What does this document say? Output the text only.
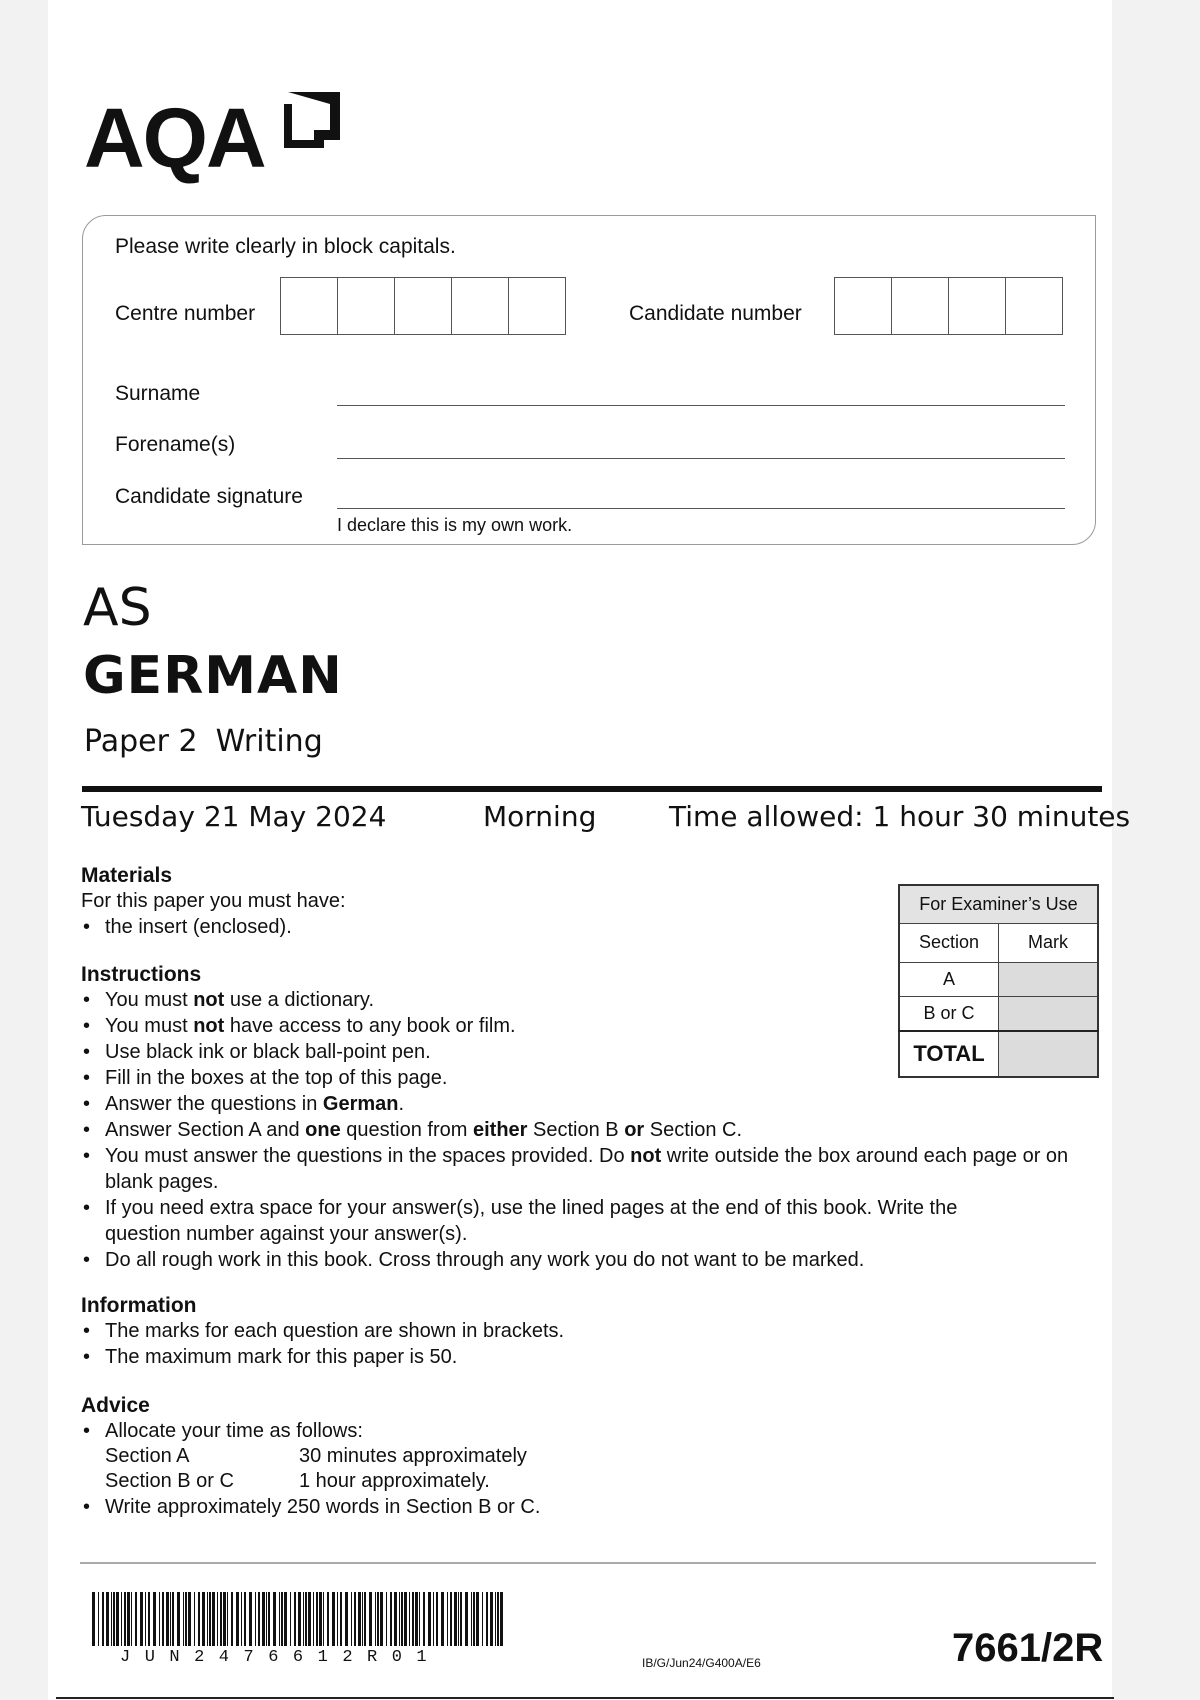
AQA
Please write clearly in block capitals.
Centre number	Candidate number
Surname
Forename(s)
Candidate signature
I declare this is my own work.
AS
GERMAN
Paper 2 Writing
Tuesday 21 May 2024	Morning	Time allowed: 1 hour 30 minutes
Materials
For this paper you must have:
• the insert (enclosed).
Instructions
• You must not use a dictionary.
• You must not have access to any book or film.
• Use black ink or black ball-point pen.
• Fill in the boxes at the top of this page.
• Answer the questions in German.
• Answer Section A and one question from either Section B or Section C.
• You must answer the questions in the spaces provided. Do not write outside the box around each page or on blank pages.
• If you need extra space for your answer(s), use the lined pages at the end of this book. Write the question number against your answer(s).
• Do all rough work in this book. Cross through any work you do not want to be marked.
Information
• The marks for each question are shown in brackets.
• The maximum mark for this paper is 50.
Advice
• Allocate your time as follows:
Section A	30 minutes approximately
Section B or C	1 hour approximately.
• Write approximately 250 words in Section B or C.
For Examiner’s Use	
Section	Mark
A	
B or C	
TOTAL	
JUN2476612R01	IB/G/Jun24/G400A/E6	7661/2R
